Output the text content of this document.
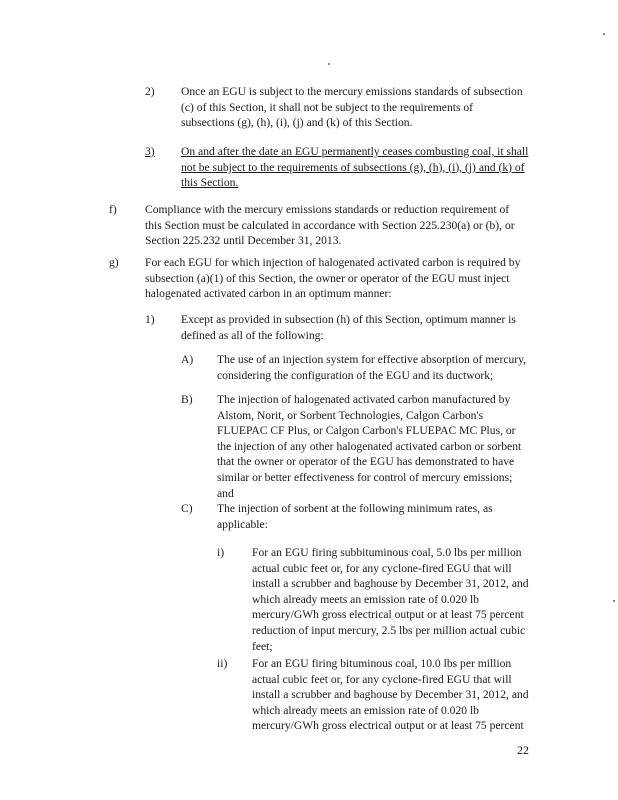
2) Once an EGU is subject to the mercury emissions standards of subsection

(c) of this Section, it shall not be subject to the requirements of

subsections (g), (h), (i), (j) and (k) of this Section.

3) On and after the date an EGU permanently ceases combusting coal, it shall

not be subject to the requirements of subsections (g), (h), (i), (j) and (k) of

this Section.

f) Compliance with the mercury emissions standards or reduction requirement of

this Section must be calculated in accordance with Section 225.230(a) or (b), or

Section 225.232 until December 31, 2013.

g) For each EGU for which injection of halogenated activated carbon is required by

subsection (a)(1) of this Section, the owner or operator of the EGU must inject

halogenated activated carbon in an optimum manner:

1) Except as provided in subsection (h) of this Section, optimum manner is

defined as all of the following:

A) The use of an injection system for effective absorption of mercury,

considering the configuration of the EGU and its ductwork;

B) The injection of halogenated activated carbon manufactured by

Alstom, Norit, or Sorbent Technologies, Calgon Carbon's

FLUEPAC CF Plus, or Calgon Carbon's FLUEPAC MC Plus, or

the injection of any other halogenated activated carbon or sorbent

that the owner or operator of the EGU has demonstrated to have

similar or better effectiveness for control of mercury emissions;

and

C) The injection of sorbent at the following minimum rates, as

applicable:

i) For an EGU firing subbituminous coal, 5.0 lbs per million

actual cubic feet or, for any cyclone-fired EGU that will

install a scrubber and baghouse by December 31, 2012, and

which already meets an emission rate of 0.020 lb

mercury/GWh gross electrical output or at least 75 percent

reduction of input mercury, 2.5 lbs per million actual cubic

feet;

ii) For an EGU firing bituminous coal, 10.0 lbs per million

actual cubic feet or, for any cyclone-fired EGU that will

install a scrubber and baghouse by December 31, 2012, and

which already meets an emission rate of 0.020 lb

mercury/GWh gross electrical output or at least 75 percent

22
